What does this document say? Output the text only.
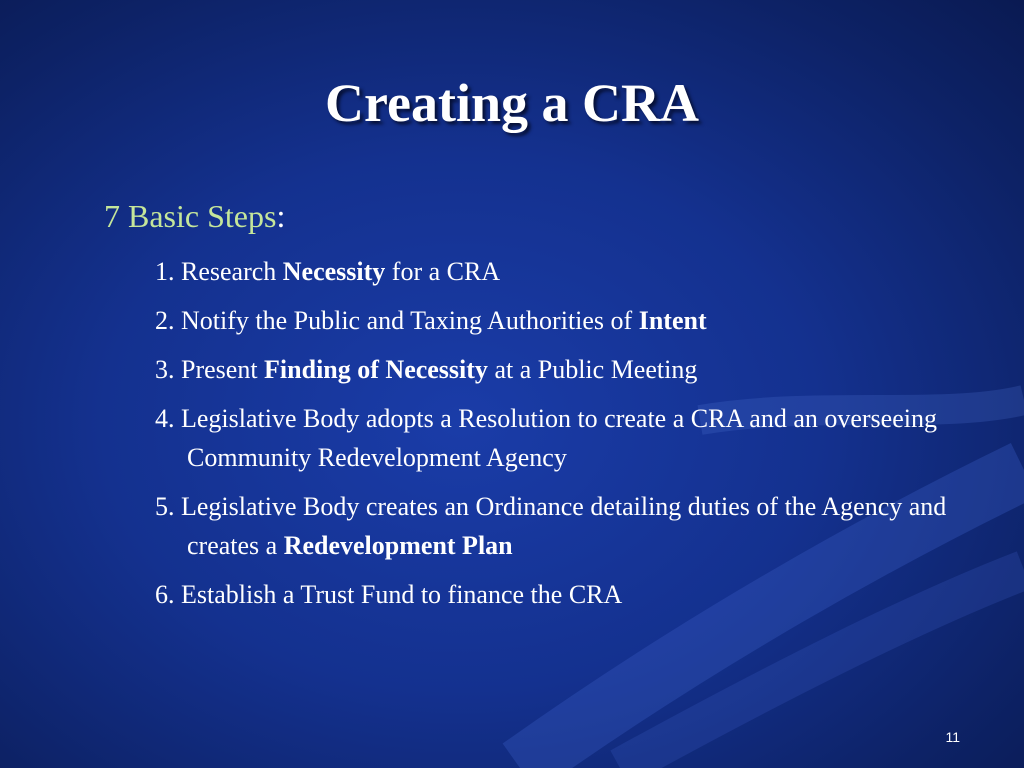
Creating a CRA
7 Basic Steps:
1. Research Necessity for a CRA
2. Notify the Public and Taxing Authorities of Intent
3. Present Finding of Necessity at a Public Meeting
4. Legislative Body adopts a Resolution to create a CRA and an overseeing Community Redevelopment Agency
5. Legislative Body creates an Ordinance detailing duties of the Agency and creates a Redevelopment Plan
6. Establish a Trust Fund to finance the CRA
11
